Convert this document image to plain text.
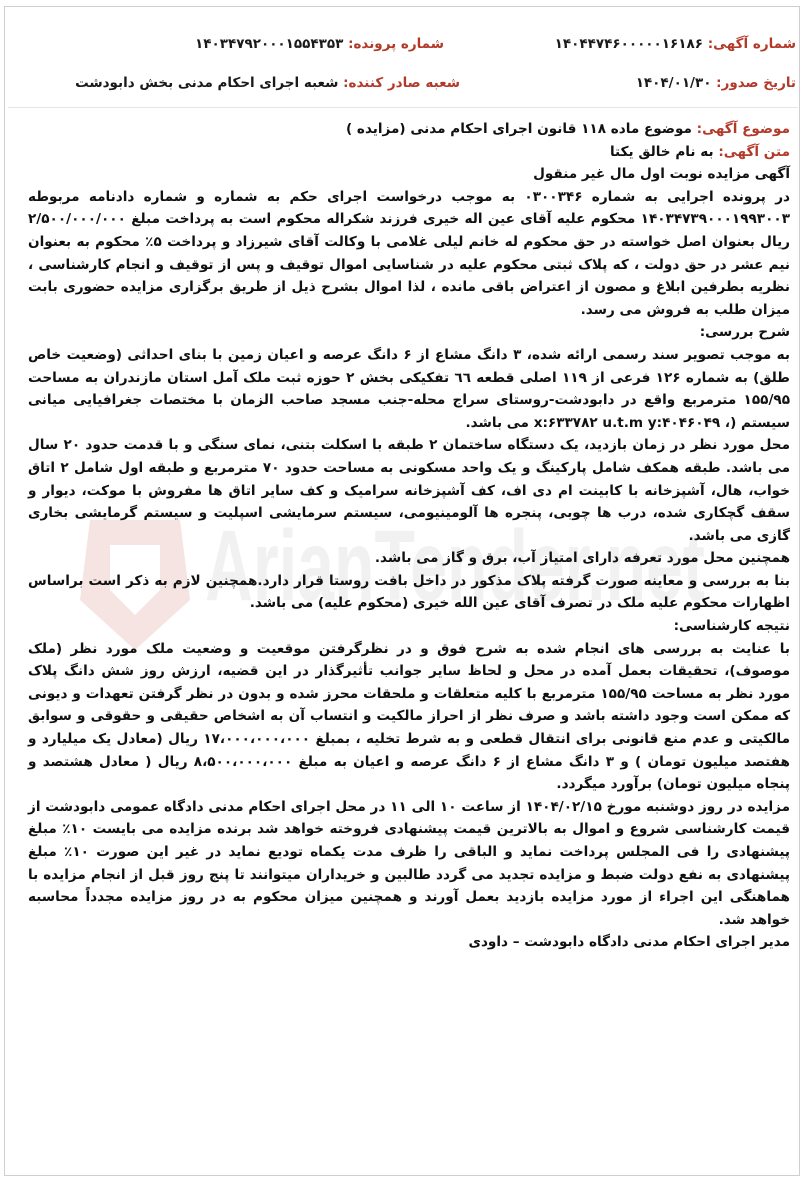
ArianTender.net
شماره آگهی: ۱۴۰۴۴۷۴۶۰۰۰۰۰۱۶۱۸۶
شماره پرونده: ۱۴۰۳۴۷۹۲۰۰۰۱۵۵۴۳۵۳
تاریخ صدور: ۱۴۰۴/۰۱/۳۰
شعبه صادر کننده: شعبه اجرای احکام مدنی بخش دابودشت

موضوع آگهی: موضوع ماده ۱۱۸ قانون اجرای احکام مدنی (مزایده )

متن آگهی: به نام خالق یکتا

آگهی مزایده نوبت اول مال غیر منقول

در پرونده اجرایی به شماره ۰۳۰۰۳۴۶ به موجب درخواست اجرای حکم به شماره و شماره دادنامه مربوطه ۱۴۰۳۴۷۳۹۰۰۰۱۹۹۳۰۰۳ محکوم علیه آقای عین اله خیری فرزند شکراله محکوم است به پرداخت مبلغ ۲/۵۰۰/۰۰۰/۰۰۰ ریال بعنوان اصل خواسته در حق محکوم له خانم لیلی غلامی با وکالت آقای شیرزاد و پرداخت ۵٪ محکوم به بعنوان نیم عشر در حق دولت ، که پلاک ثبتی محکوم علیه در شناسایی اموال توقیف و پس از توقیف و انجام کارشناسی ، نظریه بطرفین ابلاغ و مصون از اعتراض باقی مانده ، لذا اموال بشرح ذیل از طریق برگزاری مزایده حضوری بابت میزان طلب به فروش می رسد.

شرح بررسی:

به موجب تصویر سند رسمی ارائه شده، ۳ دانگ مشاع از ۶ دانگ عرصه و اعیان زمین با بنای احداثی (وضعیت خاص طلق) به شماره ۱۲۶ فرعی از ۱۱۹ اصلی قطعه ٦٦ تفکیکی بخش ۲ حوزه ثبت ملک آمل استان مازندران به مساحت ۱۵۵/۹۵ مترمربع واقع در دابودشت-روستای سراج محله-جنب مسجد صاحب الزمان با مختصات جغرافیایی میانی سیستم (، x:۶۳۳۷۸۲ u.t.m y:۴۰۴۶۰۴۹ می باشد.

محل مورد نظر در زمان بازدید، یک دستگاه ساختمان ۲ طبقه با اسکلت بتنی، نمای سنگی و با قدمت حدود ۲۰ سال می باشد. طبقه همکف شامل پارکینگ و یک واحد مسکونی به مساحت حدود ۷۰ مترمربع و طبقه اول شامل ۲ اتاق خواب، هال، آشپزخانه با کابینت ام دی اف، کف آشپزخانه سرامیک و کف سایر اتاق ها مفروش با موکت، دیوار و سقف گچکاری شده، درب ها چوبی، پنجره ها آلومینیومی، سیستم سرمایشی اسپلیت و سیستم گرمایشی بخاری گازی می باشد.

همچنین محل مورد تعرفه دارای امتیاز آب، برق و گاز می باشد.

بنا به بررسی و معاینه صورت گرفته پلاک مذکور در داخل بافت روستا قرار دارد.همچنین لازم به ذکر است براساس اظهارات محکوم علیه ملک در تصرف آقای عین الله خیری (محکوم علیه) می باشد.

نتیجه کارشناسی:

با عنایت به بررسی های انجام شده به شرح فوق و در نظرگرفتن موقعیت و وضعیت ملک مورد نظر (ملک موصوف)، تحقیقات بعمل آمده در محل و لحاظ سایر جوانب تأثیرگذار در این قضیه، ارزش روز شش دانگ پلاک مورد نظر به مساحت ۱۵۵/۹۵ مترمربع با کلیه متعلقات و ملحقات محرز شده و بدون در نظر گرفتن تعهدات و دیونی که ممکن است وجود داشته باشد و صرف نظر از احراز مالکیت و انتساب آن به اشخاص حقیقی و حقوقی و سوابق مالکیتی و عدم منع قانونی برای انتقال قطعی و به شرط تخلیه ، بمبلغ ۱۷،۰۰۰،۰۰۰،۰۰۰ ریال (معادل یک میلیارد و هفتصد میلیون تومان ) و ۳ دانگ مشاع از ۶ دانگ عرصه و اعیان به مبلغ ۸،۵۰۰،۰۰۰،۰۰۰ ریال ( معادل هشتصد و پنجاه میلیون تومان) برآورد میگردد.

مزایده در روز دوشنبه مورخ ۱۴۰۴/۰۲/۱۵ از ساعت ۱۰ الی ۱۱ در محل اجرای احکام مدنی دادگاه عمومی دابودشت از قیمت کارشناسی شروع و اموال به بالاترین قیمت پیشنهادی فروخته خواهد شد برنده مزایده می بایست ۱۰٪ مبلغ پیشنهادی را فی المجلس پرداخت نماید و الباقی را ظرف مدت یکماه تودیع نماید در غیر این صورت ۱۰٪ مبلغ پیشنهادی به نفع دولت ضبط و مزایده تجدید می گردد طالبین و خریداران میتوانند تا پنج روز قبل از انجام مزایده با هماهنگی این اجراء از مورد مزایده بازدید بعمل آورند و همچنین میزان محکوم به در روز مزایده مجدداً محاسبه خواهد شد.

مدیر اجرای احکام مدنی دادگاه دابودشت – داودی
